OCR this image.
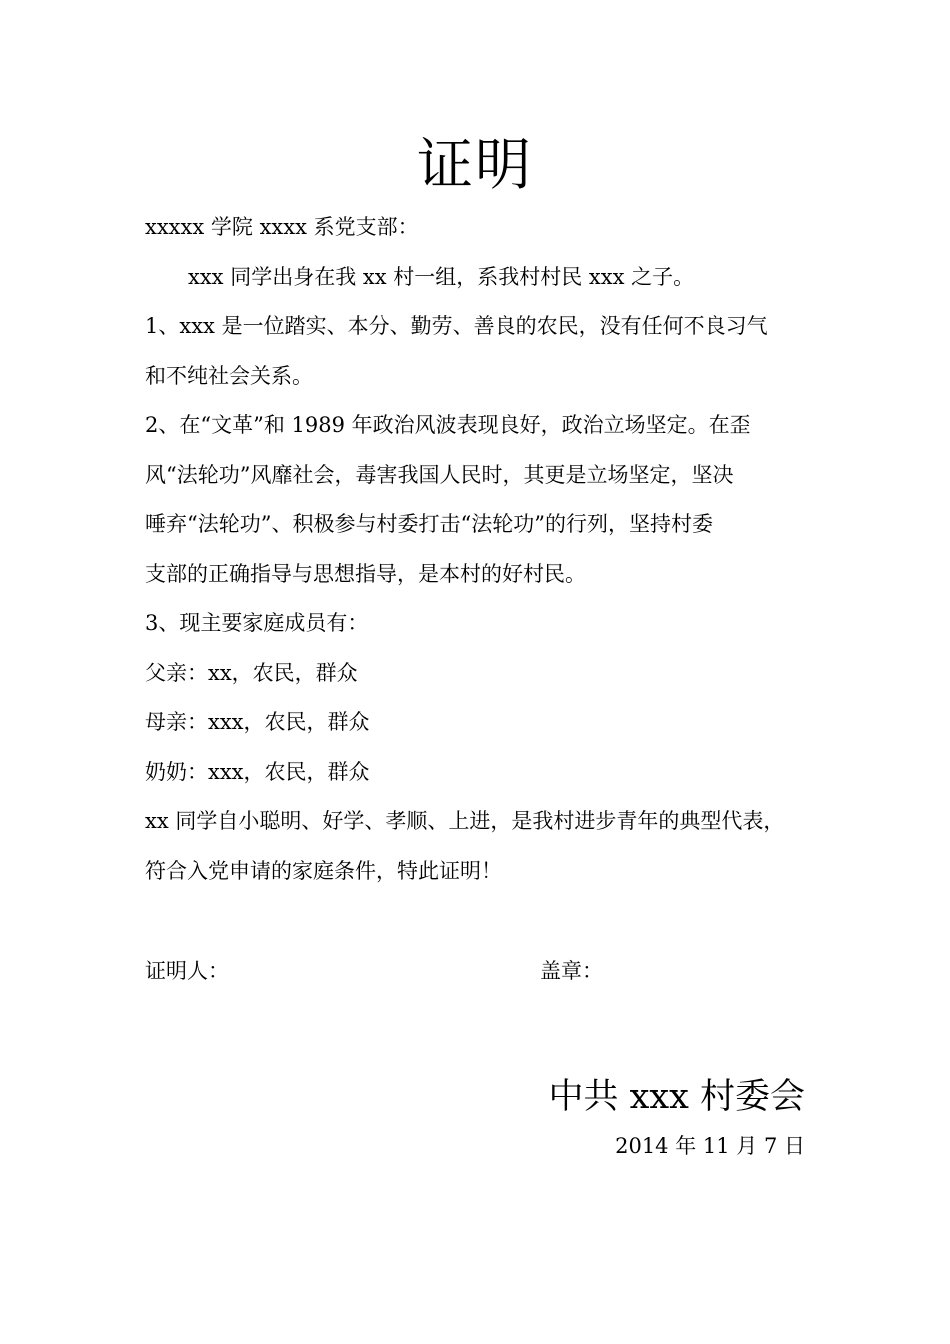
证明
xxxxx 学院 xxxx 系党支部：
xxx 同学出身在我 xx 村一组，系我村村民 xxx 之子。
1、xxx 是一位踏实、本分、勤劳、善良的农民，没有任何不良习气
和不纯社会关系。
2、在“文革”和 1989 年政治风波表现良好，政治立场坚定。在歪
风“法轮功”风靡社会，毒害我国人民时，其更是立场坚定，坚决
唾弃“法轮功”、积极参与村委打击“法轮功”的行列，坚持村委
支部的正确指导与思想指导，是本村的好村民。
3、现主要家庭成员有：
父亲：xx，农民，群众
母亲：xxx，农民，群众
奶奶：xxx，农民，群众
xx 同学自小聪明、好学、孝顺、上进，是我村进步青年的典型代表，
符合入党申请的家庭条件，特此证明！
证明人：	盖章：
中共 xxx 村委会
2014 年 11 月 7 日
